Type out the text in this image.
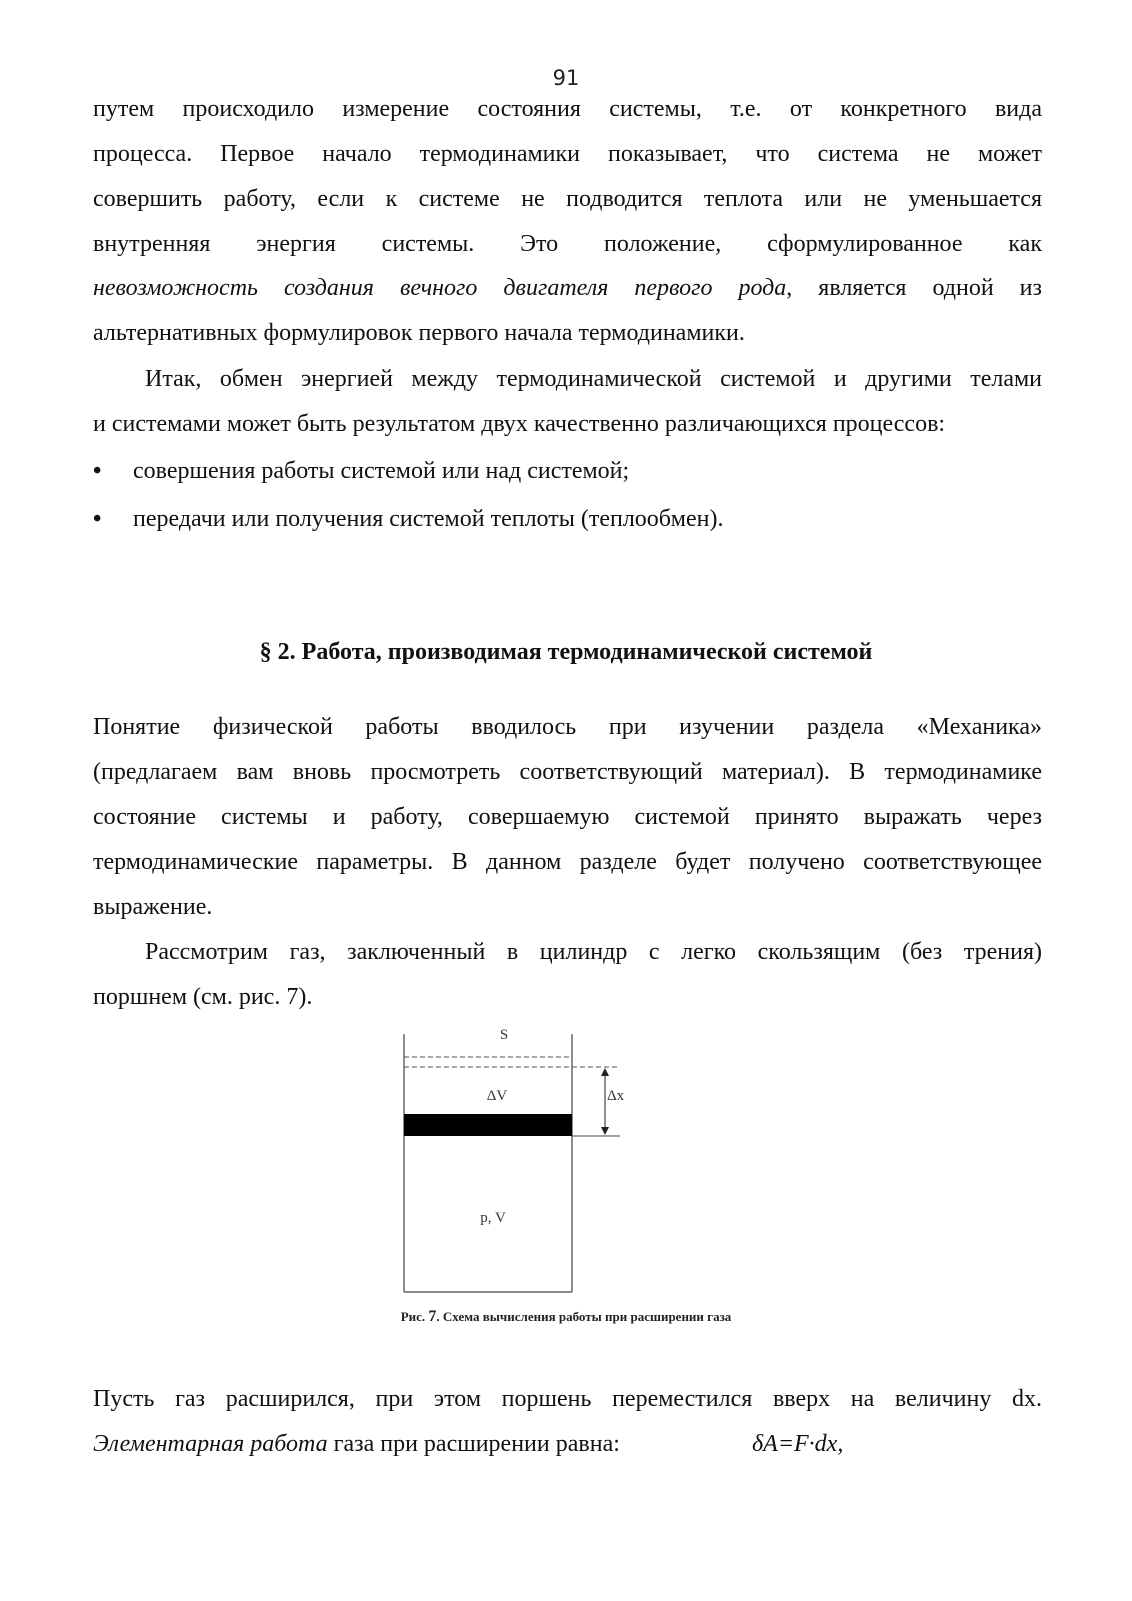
91
путем происходило измерение состояния системы, т.е. от конкретного вида
процесса. Первое начало термодинамики показывает, что система не может
совершить работу, если к системе не подводится теплота или не уменьшается
внутренняя энергия системы. Это положение, сформулированное как
невозможность создания вечного двигателя первого рода, является одной из
альтернативных формулировок первого начала термодинамики.
Итак, обмен энергией между термодинамической системой и другими телами
и системами может быть результатом двух качественно различающихся процессов:
• совершения работы системой или над системой;
• передачи или получения системой теплоты (теплообмен).
§ 2. Работа, производимая термодинамической системой
Понятие физической работы вводилось при изучении раздела «Механика»
(предлагаем вам вновь просмотреть соответствующий материал). В термодинамике
состояние системы и работу, совершаемую системой принято выражать через
термодинамические параметры. В данном разделе будет получено соответствующее
выражение.
Рассмотрим газ, заключенный в цилиндр с легко скользящим (без трения)
поршнем (см. рис. 7).
S
ΔV	Δx
p, V
Рис. 7. Схема вычисления работы при расширении газа
Пусть газ расширился, при этом поршень переместился вверх на величину dx.
Элементарная работа газа при расширении равна:	δA=F·dx,
